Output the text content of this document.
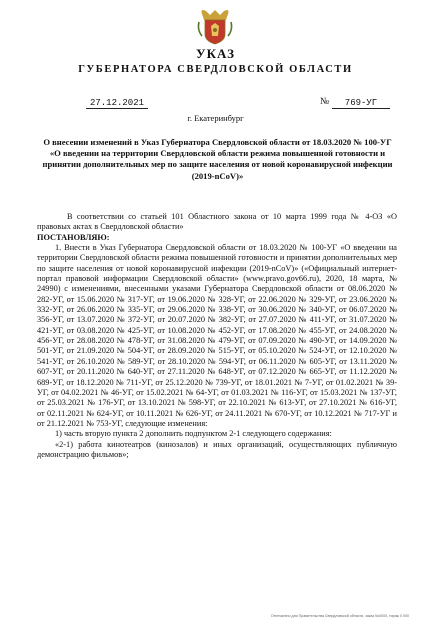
УКАЗ
ГУБЕРНАТОРА СВЕРДЛОВСКОЙ ОБЛАСТИ
27.12.2021	№	769-УГ
г. Екатеринбург
О внесении изменений в Указ Губернатора Свердловской области от 18.03.2020 № 100-УГ «О введении на территории Свердловской области режима повышенной готовности и принятии дополнительных мер по защите населения от новой коронавирусной инфекции (2019-nCoV)»

В соответствии со статьей 101 Областного закона от 10 марта 1999 года № 4-ОЗ «О правовых актах в Свердловской области»

ПОСТАНОВЛЯЮ:

1. Внести в Указ Губернатора Свердловской области от 18.03.2020 № 100-УГ «О введении на территории Свердловской области режима повышенной готовности и принятии дополнительных мер по защите населения от новой коронавирусной инфекции (2019-nCoV)» («Официальный интернет-портал правовой информации Свердловской области» (www.pravo.gov66.ru), 2020, 18 марта, № 24990) с изменениями, внесенными указами Губернатора Свердловской области от 08.06.2020 № 282-УГ, от 15.06.2020 № 317-УГ, от 19.06.2020 № 328-УГ, от 22.06.2020 № 329-УГ, от 23.06.2020 № 332-УГ, от 26.06.2020 № 335-УГ, от 29.06.2020 № 338-УГ, от 30.06.2020 № 340-УГ, от 06.07.2020 № 356-УГ, от 13.07.2020 № 372-УГ, от 20.07.2020 № 382-УГ, от 27.07.2020 № 411-УГ, от 31.07.2020 № 421-УГ, от 03.08.2020 № 425-УГ, от 10.08.2020 № 452-УГ, от 17.08.2020 № 455-УГ, от 24.08.2020 № 456-УГ, от 28.08.2020 № 478-УГ, от 31.08.2020 № 479-УГ, от 07.09.2020 № 490-УГ, от 14.09.2020 № 501-УГ, от 21.09.2020 № 504-УГ, от 28.09.2020 № 515-УГ, от 05.10.2020 № 524-УГ, от 12.10.2020 № 541-УГ, от 26.10.2020 № 589-УГ, от 28.10.2020 № 594-УГ, от 06.11.2020 № 605-УГ, от 13.11.2020 № 607-УГ, от 20.11.2020 № 640-УГ, от 27.11.2020 № 648-УГ, от 07.12.2020 № 665-УГ, от 11.12.2020 № 689-УГ, от 18.12.2020 № 711-УГ, от 25.12.2020 № 739-УГ, от 18.01.2021 № 7-УГ, от 01.02.2021 № 39-УГ, от 04.02.2021 № 46-УГ, от 15.02.2021 № 64-УГ, от 01.03.2021 № 116-УГ, от 15.03.2021 № 137-УГ, от 25.03.2021 № 176-УГ, от 13.10.2021 № 598-УГ, от 22.10.2021 № 613-УГ, от 27.10.2021 № 616-УГ, от 02.11.2021 № 624-УГ, от 10.11.2021 № 626-УГ, от 24.11.2021 № 670-УГ, от 10.12.2021 № 717-УГ и от 21.12.2021 № 753-УГ, следующие изменения:

1) часть вторую пункта 2 дополнить подпунктом 2-1 следующего содержания:

«2-1) работа кинотеатров (кинозалов) и иных организаций, осуществляющих публичную демонстрацию фильмов»;

Отпечатано для Правительства Свердловской области, заказ №0000, тираж 0 000
